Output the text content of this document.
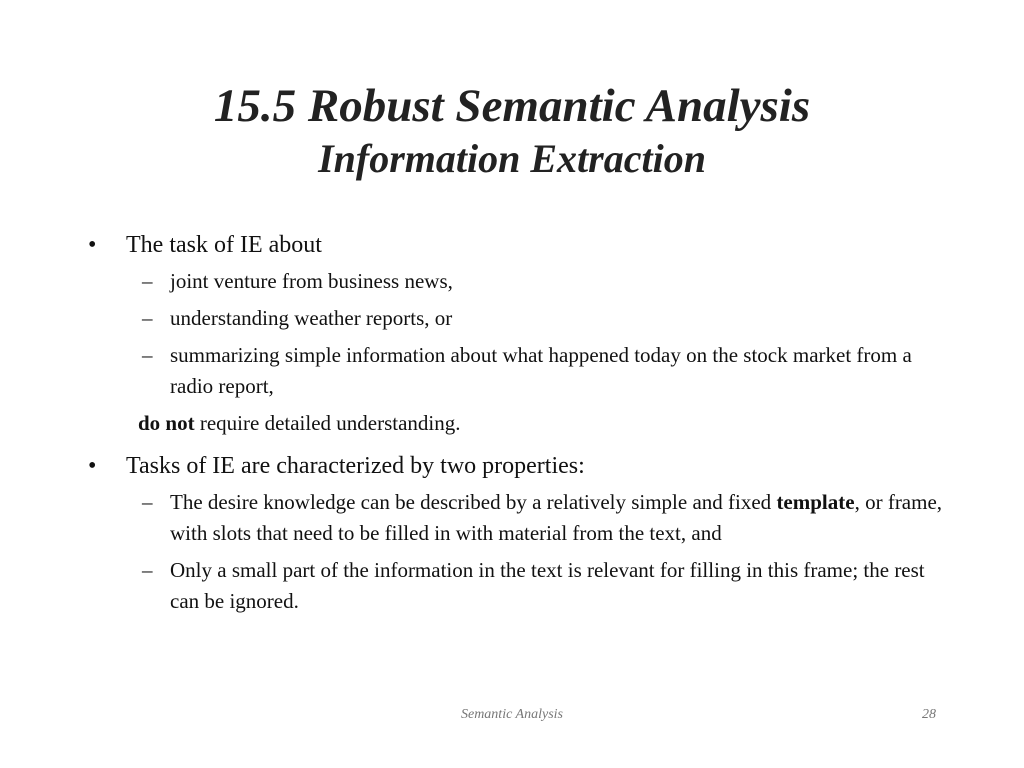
15.5 Robust Semantic Analysis
Information Extraction
• The task of IE about
– joint venture from business news,
– understanding weather reports, or
– summarizing simple information about what happened today on the stock market from a radio report,
do not require detailed understanding.
• Tasks of IE are characterized by two properties:
– The desire knowledge can be described by a relatively simple and fixed template, or frame, with slots that need to be filled in with material from the text, and
– Only a small part of the information in the text is relevant for filling in this frame; the rest can be ignored.
Semantic Analysis	28
